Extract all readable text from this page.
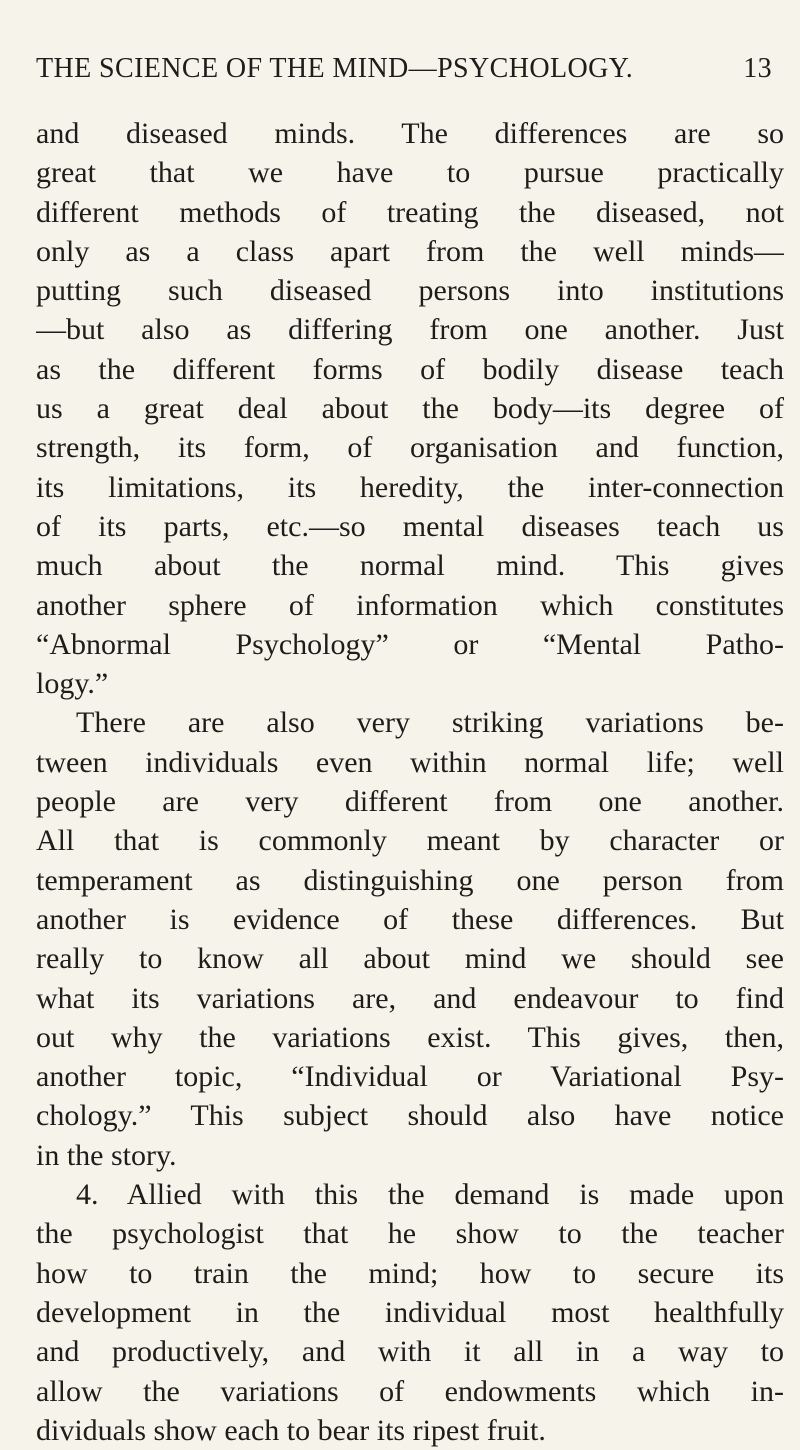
THE SCIENCE OF THE MIND—PSYCHOLOGY.	13
and diseased minds. The differences are so
great that we have to pursue practically
different methods of treating the diseased, not
only as a class apart from the well minds—
putting such diseased persons into institutions
—but also as differing from one another. Just
as the different forms of bodily disease teach
us a great deal about the body—its degree of
strength, its form, of organisation and function,
its limitations, its heredity, the inter-connection
of its parts, etc.—so mental diseases teach us
much about the normal mind. This gives
another sphere of information which constitutes
“Abnormal Psychology” or “Mental Patho-
logy.”
There are also very striking variations be-
tween individuals even within normal life; well
people are very different from one another.
All that is commonly meant by character or
temperament as distinguishing one person from
another is evidence of these differences. But
really to know all about mind we should see
what its variations are, and endeavour to find
out why the variations exist. This gives, then,
another topic, “Individual or Variational Psy-
chology.” This subject should also have notice
in the story.
4. Allied with this the demand is made upon
the psychologist that he show to the teacher
how to train the mind; how to secure its
development in the individual most healthfully
and productively, and with it all in a way to
allow the variations of endowments which in-
dividuals show each to bear its ripest fruit.
